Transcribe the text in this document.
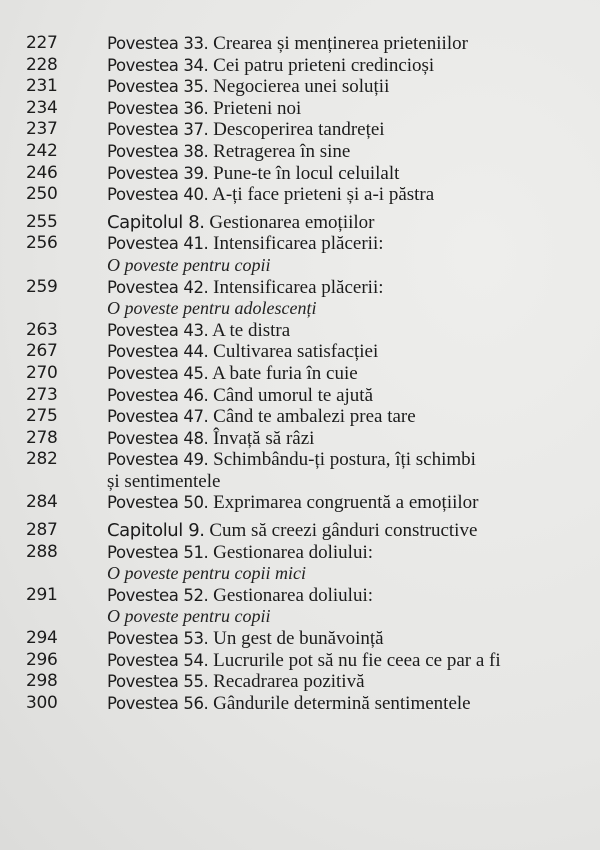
227	Povestea 33. Crearea și menținerea prieteniilor
228	Povestea 34. Cei patru prieteni credincioși
231	Povestea 35. Negocierea unei soluții
234	Povestea 36. Prieteni noi
237	Povestea 37. Descoperirea tandreței
242	Povestea 38. Retragerea în sine
246	Povestea 39. Pune-te în locul celuilalt
250	Povestea 40. A-ți face prieteni și a-i păstra
255	Capitolul 8. Gestionarea emoțiilor
256	Povestea 41. Intensificarea plăcerii:
O poveste pentru copii
259	Povestea 42. Intensificarea plăcerii:
O poveste pentru adolescenți
263	Povestea 43. A te distra
267	Povestea 44. Cultivarea satisfacției
270	Povestea 45. A bate furia în cuie
273	Povestea 46. Când umorul te ajută
275	Povestea 47. Când te ambalezi prea tare
278	Povestea 48. Învață să râzi
282	Povestea 49. Schimbându-ți postura, îți schimbi
și sentimentele
284	Povestea 50. Exprimarea congruentă a emoțiilor
287	Capitolul 9. Cum să creezi gânduri constructive
288	Povestea 51. Gestionarea doliului:
O poveste pentru copii mici
291	Povestea 52. Gestionarea doliului:
O poveste pentru copii
294	Povestea 53. Un gest de bunăvoință
296	Povestea 54. Lucrurile pot să nu fie ceea ce par a fi
298	Povestea 55. Recadrarea pozitivă
300	Povestea 56. Gândurile determină sentimentele
